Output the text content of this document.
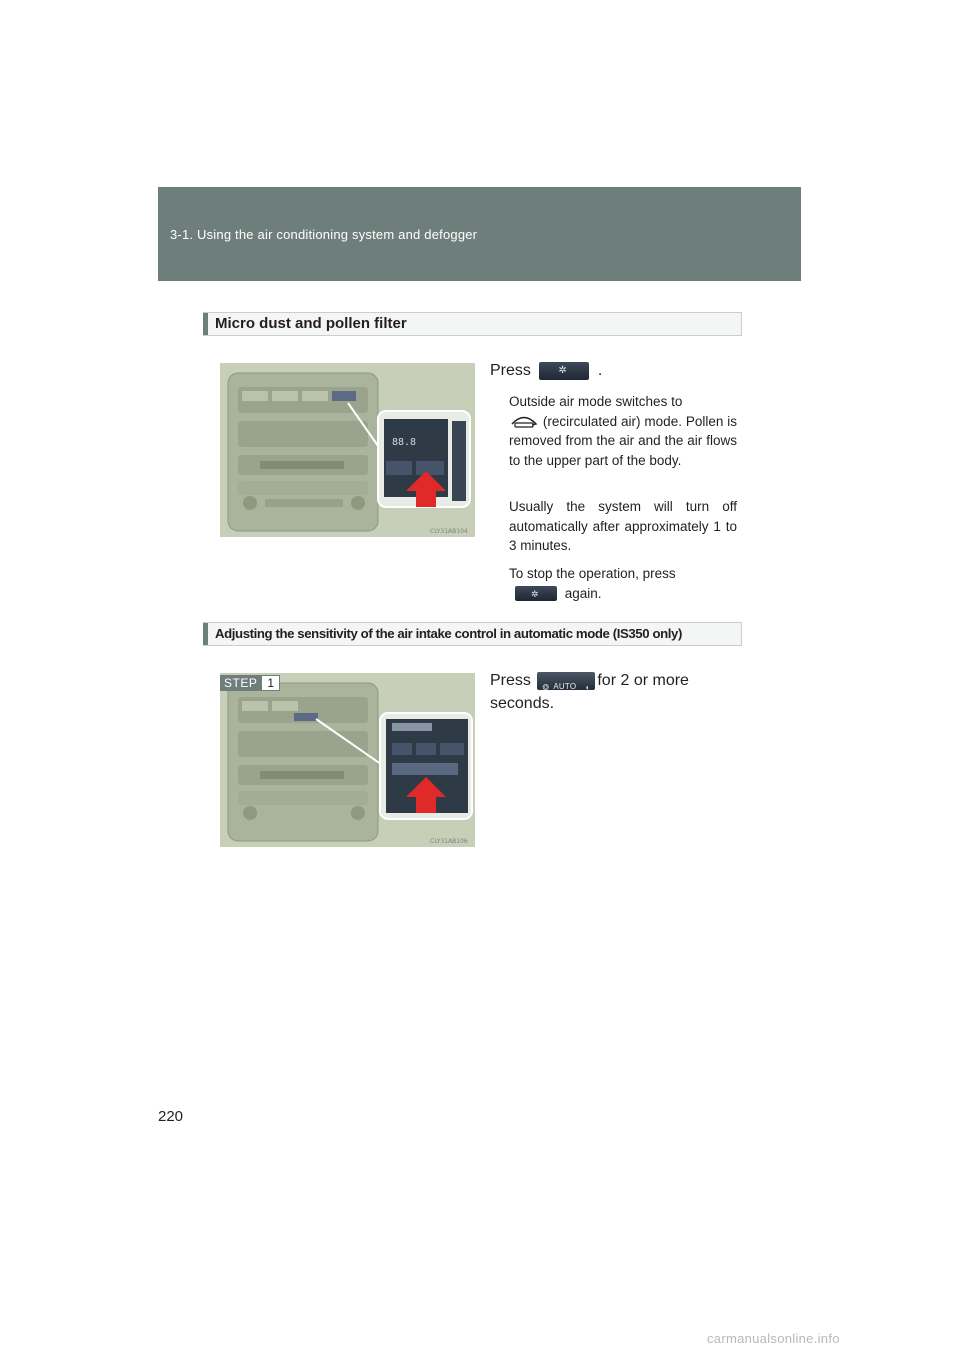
3-1. Using the air conditioning system and defogger
Micro dust and pollen filter
88.8
CLY31AB104
Press	✲ .
Outside air mode switches to
(recirculated air) mode. Pollen is removed from the air and the air flows to the upper part of the body.
Usually the system will turn off automatically after approximately 1 to 3 minutes.
To stop the operation, press

✲ again.
Adjusting the sensitivity of the air intake control in automatic mode (IS350 only)
CLY31AB106
STEP 1	Press ❂ AUTO ◐ for 2 or more seconds.
220
carmanualsonline.info
